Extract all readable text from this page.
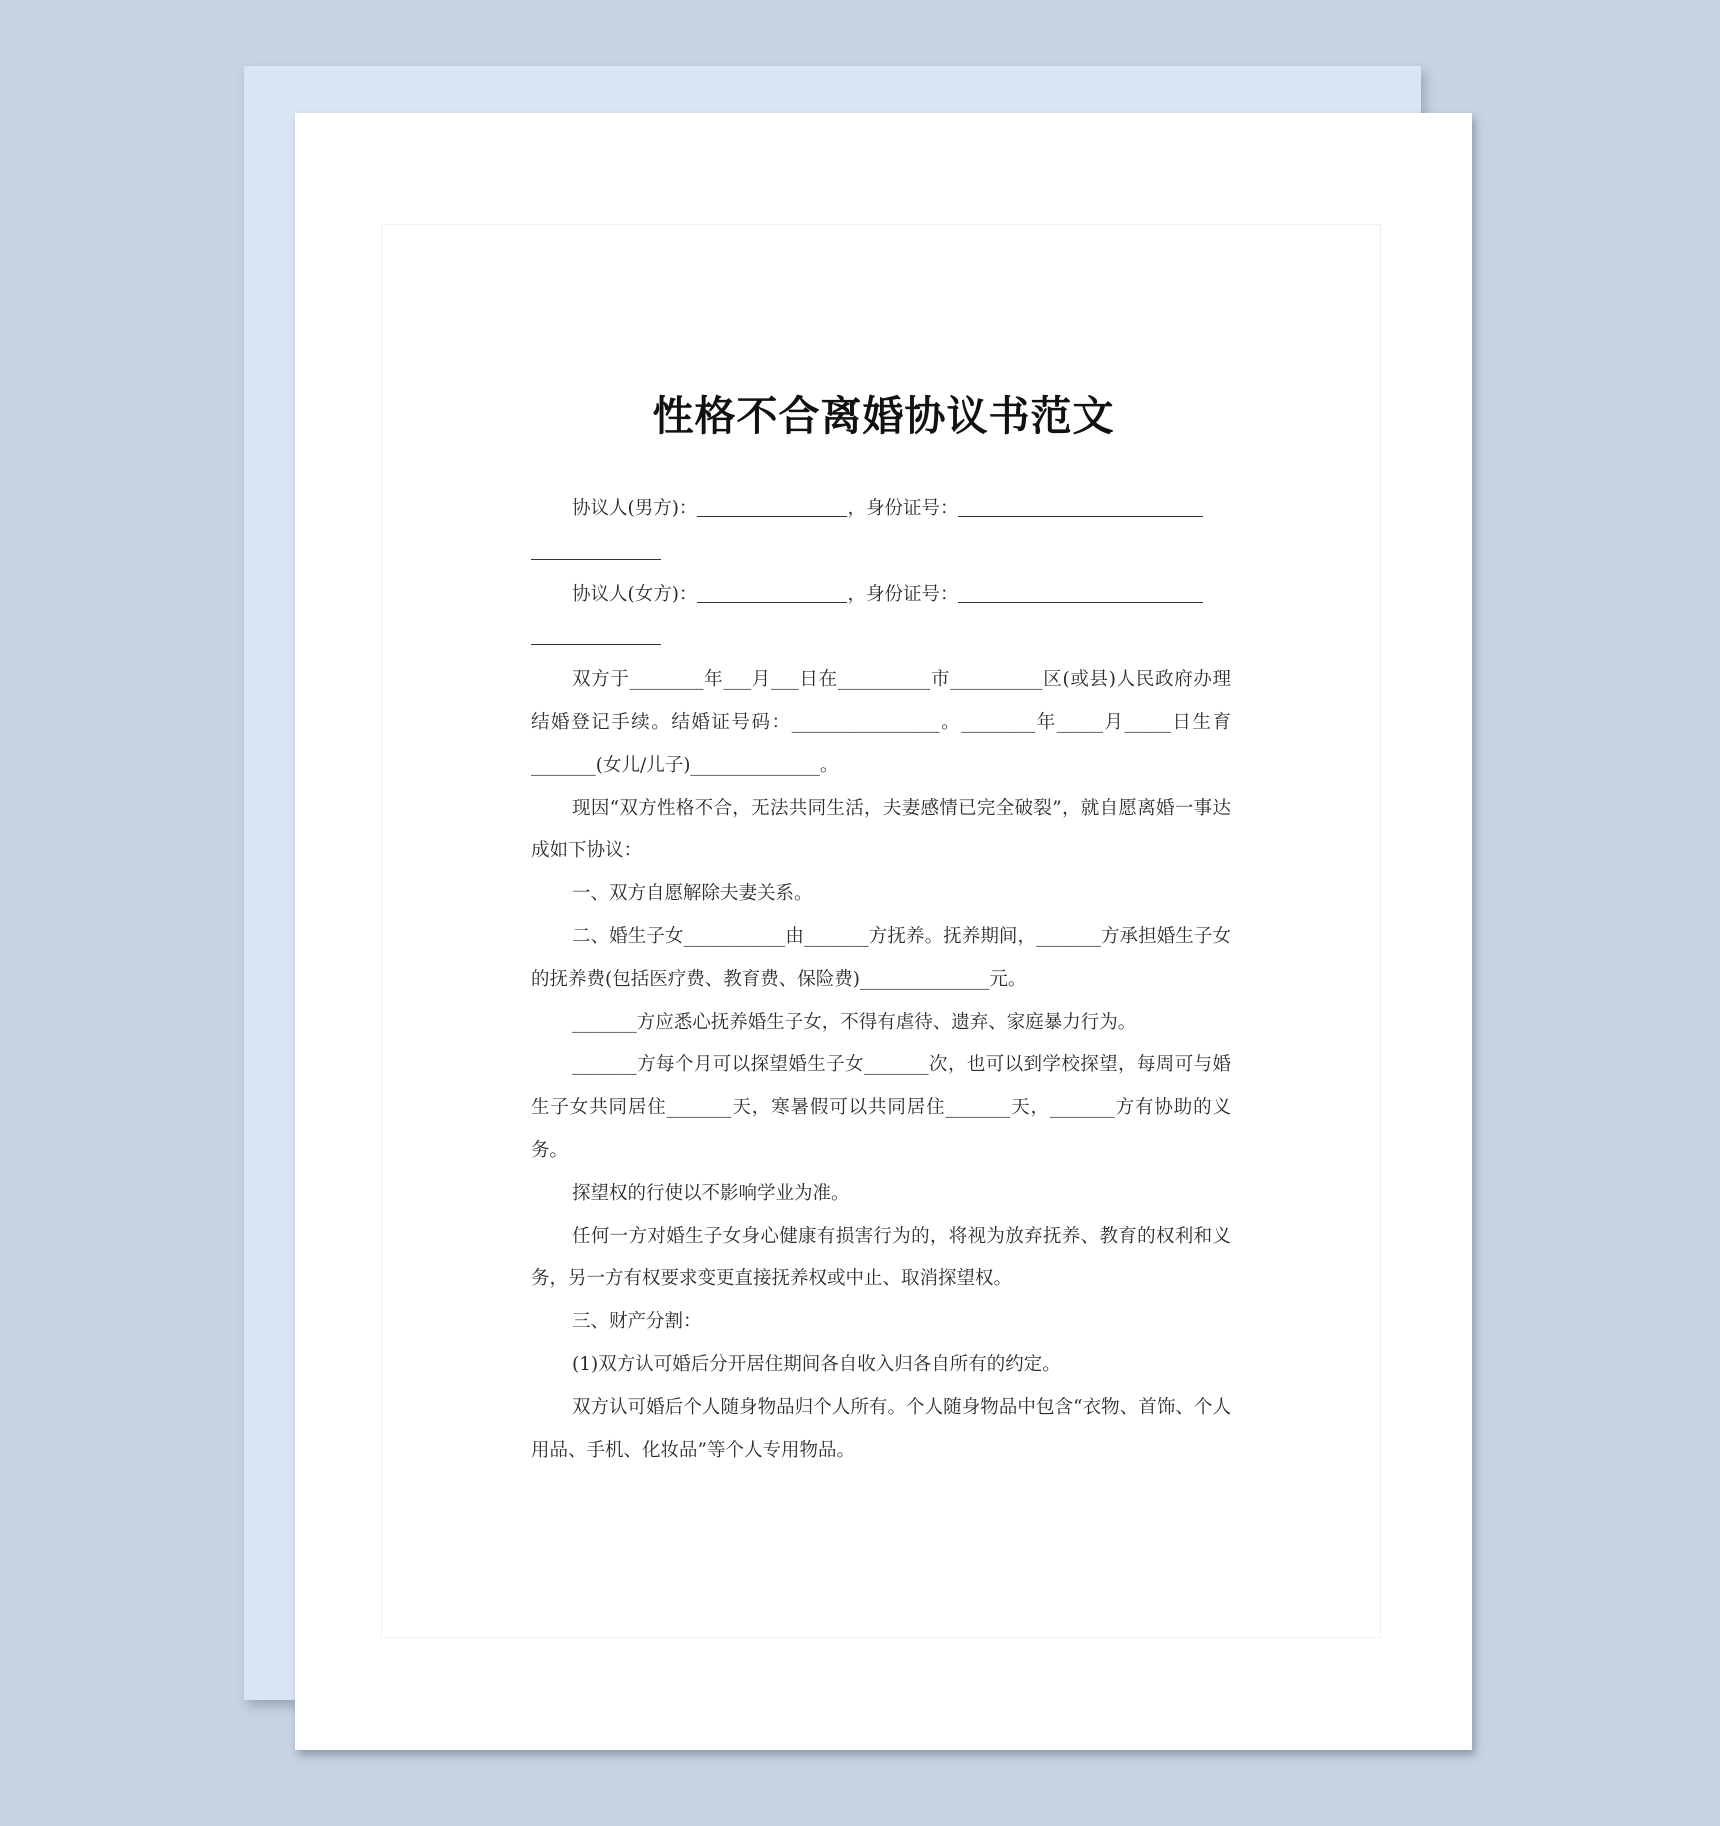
性格不合离婚协议书范文

协议人(男方)：	，身份证号：

协议人(女方)：	，身份证号：

双方于________年___月___日在__________市__________区(或县)人民政府办理结婚登记手续。结婚证号码：________________。________年_____月_____日生育_______(女儿/儿子)______________。

现因“双方性格不合，无法共同生活，夫妻感情已完全破裂”，就自愿离婚一事达成如下协议：

一、双方自愿解除夫妻关系。

二、婚生子女___________由_______方抚养。抚养期间，_______方承担婚生子女的抚养费(包括医疗费、教育费、保险费)______________元。

_______方应悉心抚养婚生子女，不得有虐待、遗弃、家庭暴力行为。

_______方每个月可以探望婚生子女_______次，也可以到学校探望，每周可与婚生子女共同居住_______天，寒暑假可以共同居住_______天，_______方有协助的义务。

探望权的行使以不影响学业为准。

任何一方对婚生子女身心健康有损害行为的，将视为放弃抚养、教育的权利和义务，另一方有权要求变更直接抚养权或中止、取消探望权。

三、财产分割：

(1)双方认可婚后分开居住期间各自收入归各自所有的约定。

双方认可婚后个人随身物品归个人所有。个人随身物品中包含“衣物、首饰、个人用品、手机、化妆品”等个人专用物品。
